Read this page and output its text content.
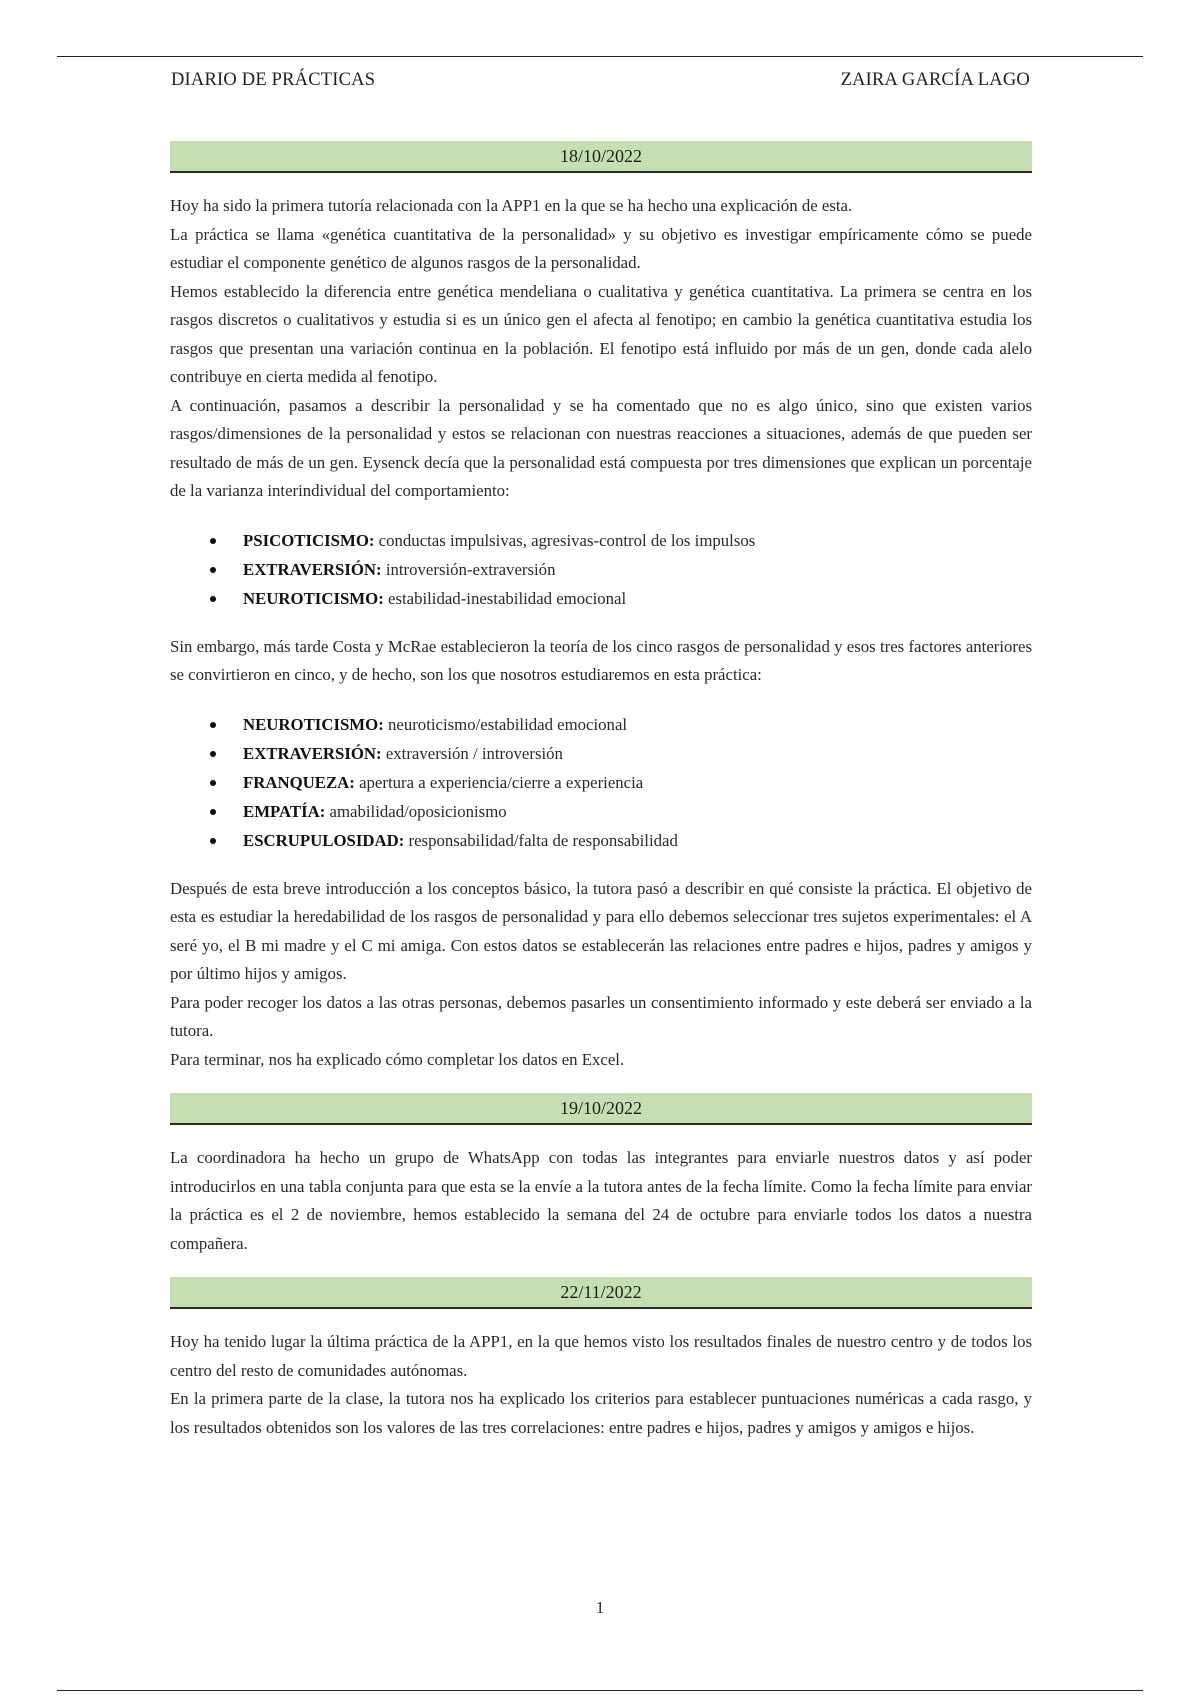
DIARIO DE PRÁCTICAS	ZAIRA GARCÍA LAGO
18/10/2022

Hoy ha sido la primera tutoría relacionada con la APP1 en la que se ha hecho una explicación de esta.

La práctica se llama «genética cuantitativa de la personalidad» y su objetivo es investigar empíricamente cómo se puede estudiar el componente genético de algunos rasgos de la personalidad.

Hemos establecido la diferencia entre genética mendeliana o cualitativa y genética cuantitativa. La primera se centra en los rasgos discretos o cualitativos y estudia si es un único gen el afecta al fenotipo; en cambio la genética cuantitativa estudia los rasgos que presentan una variación continua en la población. El fenotipo está influido por más de un gen, donde cada alelo contribuye en cierta medida al fenotipo.

A continuación, pasamos a describir la personalidad y se ha comentado que no es algo único, sino que existen varios rasgos/dimensiones de la personalidad y estos se relacionan con nuestras reacciones a situaciones, además de que pueden ser resultado de más de un gen. Eysenck decía que la personalidad está compuesta por tres dimensiones que explican un porcentaje de la varianza interindividual del comportamiento:

PSICOTICISMO: conductas impulsivas, agresivas-control de los impulsos
EXTRAVERSIÓN: introversión-extraversión
NEUROTICISMO: estabilidad-inestabilidad emocional

Sin embargo, más tarde Costa y McRae establecieron la teoría de los cinco rasgos de personalidad y esos tres factores anteriores se convirtieron en cinco, y de hecho, son los que nosotros estudiaremos en esta práctica:

NEUROTICISMO: neuroticismo/estabilidad emocional
EXTRAVERSIÓN: extraversión / introversión
FRANQUEZA: apertura a experiencia/cierre a experiencia
EMPATÍA: amabilidad/oposicionismo
ESCRUPULOSIDAD: responsabilidad/falta de responsabilidad

Después de esta breve introducción a los conceptos básico, la tutora pasó a describir en qué consiste la práctica. El objetivo de esta es estudiar la heredabilidad de los rasgos de personalidad y para ello debemos seleccionar tres sujetos experimentales: el A seré yo, el B mi madre y el C mi amiga. Con estos datos se establecerán las relaciones entre padres e hijos, padres y amigos y por último hijos y amigos.

Para poder recoger los datos a las otras personas, debemos pasarles un consentimiento informado y este deberá ser enviado a la tutora.

Para terminar, nos ha explicado cómo completar los datos en Excel.

19/10/2022

La coordinadora ha hecho un grupo de WhatsApp con todas las integrantes para enviarle nuestros datos y así poder introducirlos en una tabla conjunta para que esta se la envíe a la tutora antes de la fecha límite. Como la fecha límite para enviar la práctica es el 2 de noviembre, hemos establecido la semana del 24 de octubre para enviarle todos los datos a nuestra compañera.

22/11/2022

Hoy ha tenido lugar la última práctica de la APP1, en la que hemos visto los resultados finales de nuestro centro y de todos los centro del resto de comunidades autónomas.

En la primera parte de la clase, la tutora nos ha explicado los criterios para establecer puntuaciones numéricas a cada rasgo, y los resultados obtenidos son los valores de las tres correlaciones: entre padres e hijos, padres y amigos y amigos e hijos.

1
